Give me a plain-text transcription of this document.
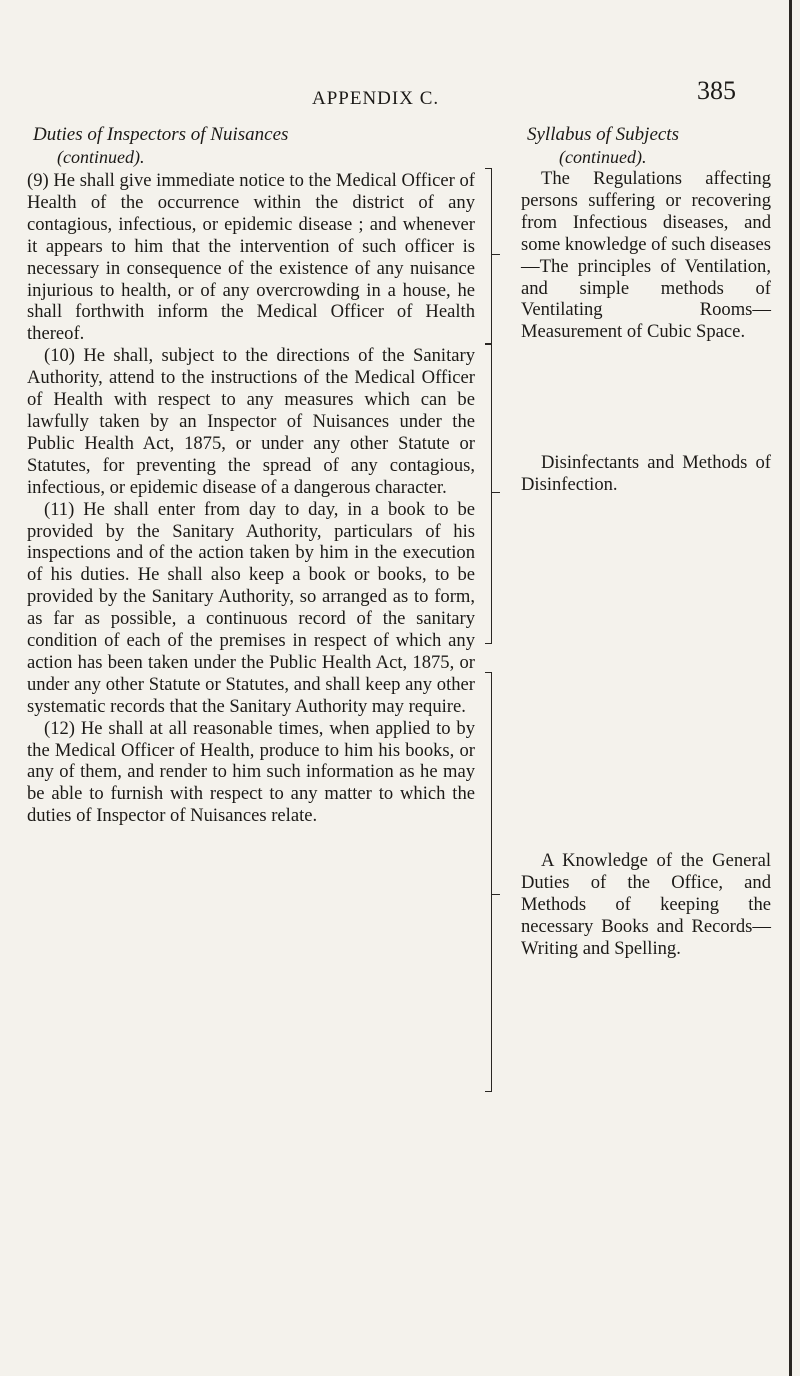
APPENDIX C.	385
Duties of Inspectors of Nuisances
(continued).

(9) He shall give immediate notice to the Medical Officer of Health of the occurrence within the district of any contagious, infectious, or epidemic disease ; and whenever it appears to him that the intervention of such officer is necessary in consequence of the existence of any nuisance injurious to health, or of any overcrowding in a house, he shall forthwith inform the Medical Officer of Health thereof.

(10) He shall, subject to the directions of the Sanitary Authority, attend to the instructions of the Medical Officer of Health with respect to any measures which can be lawfully taken by an Inspector of Nuisances under the Public Health Act, 1875, or under any other Statute or Statutes, for preventing the spread of any contagious, infectious, or epidemic disease of a dangerous character.

(11) He shall enter from day to day, in a book to be provided by the Sanitary Authority, particulars of his inspections and of the action taken by him in the execution of his duties. He shall also keep a book or books, to be provided by the Sanitary Authority, so arranged as to form, as far as possible, a continuous record of the sanitary condition of each of the premises in respect of which any action has been taken under the Public Health Act, 1875, or under any other Statute or Statutes, and shall keep any other systematic records that the Sanitary Authority may require.

(12) He shall at all reasonable times, when applied to by the Medical Officer of Health, produce to him his books, or any of them, and render to him such information as he may be able to furnish with respect to any matter to which the duties of Inspector of Nuisances relate.

Syllabus of Subjects
(continued).

The Regulations affecting persons suffering or recovering from Infectious diseases, and some knowledge of such diseases—The principles of Ventilation, and simple methods of Ventilating Rooms—Measurement of Cubic Space.

Disinfectants and Methods of Disinfection.

A Knowledge of the General Duties of the Office, and Methods of keeping the necessary Books and Records—Writing and Spelling.
